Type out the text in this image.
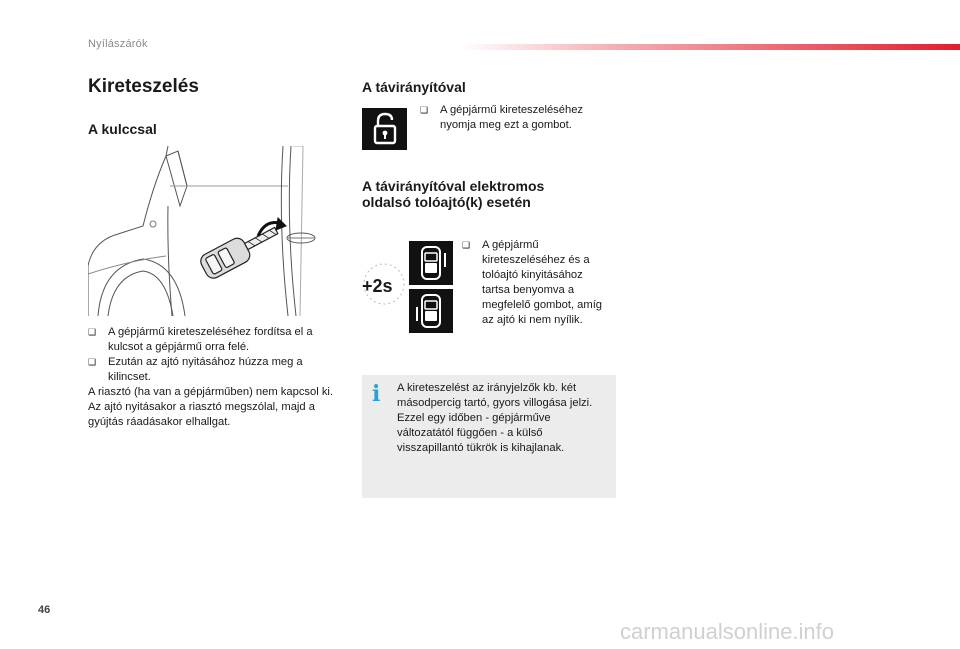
Nyílászárók
Kireteszelés
A kulccsal
❑	A gépjármű kireteszeléséhez fordítsa el a kulcsot a gépjármű orra felé.
❑	Ezután az ajtó nyitásához húzza meg a kilincset.
A riasztó (ha van a gépjárműben) nem kapcsol ki. Az ajtó nyitásakor a riasztó megszólal, majd a gyújtás ráadásakor elhallgat.
A távirányítóval
❑	A gépjármű kireteszeléséhez nyomja meg ezt a gombot.
A távirányítóval elektromos
oldalsó tolóajtó(k) esetén
+2s
❑	A gépjármű kireteszeléséhez és a tolóajtó kinyitásához tartsa benyomva a megfelelő gombot, amíg az ajtó ki nem nyílik.
i A kireteszelést az irányjelzők kb. két másodpercig tartó, gyors villogása jelzi. Ezzel egy időben - gépjárműve változatától függően - a külső visszapillantó tükrök is kihajlanak.
46
carmanualsonline.info
